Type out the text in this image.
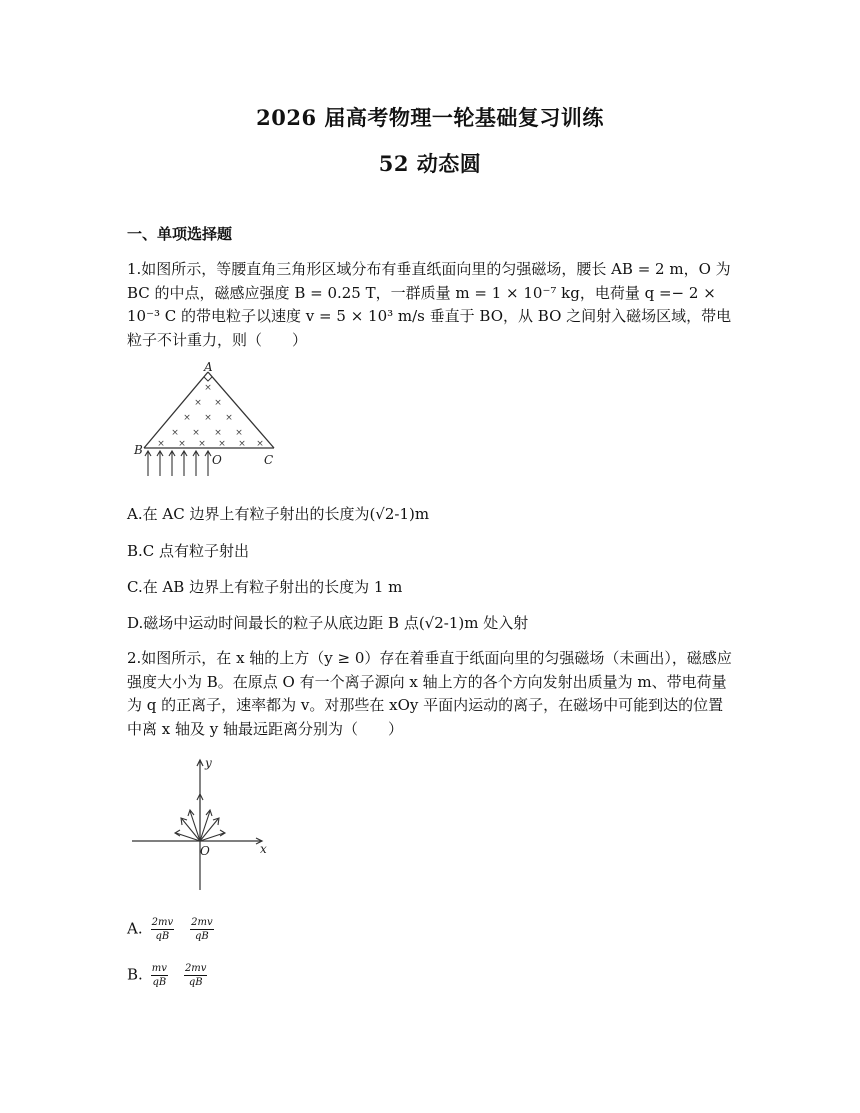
2026 届高考物理一轮基础复习训练
52 动态圆
一、单项选择题
1.如图所示，等腰直角三角形区域分布有垂直纸面向里的匀强磁场，腰长 AB = 2 m，O 为 BC 的中点，磁感应强度 B = 0.25 T，一群质量 m = 1 × 10⁻⁷ kg，电荷量 q =− 2 × 10⁻³ C 的带电粒子以速度 v = 5 × 10³ m/s 垂直于 BO，从 BO 之间射入磁场区域，带电粒子不计重力，则（　　）
×
× ×
× × ×
× × × ×
× × × × × ×
A
B
O	C
A.在 AC 边界上有粒子射出的长度为(√2-1)m
B.C 点有粒子射出
C.在 AB 边界上有粒子射出的长度为 1 m
D.磁场中运动时间最长的粒子从底边距 B 点(√2-1)m 处入射
2.如图所示，在 x 轴的上方（y ≥ 0）存在着垂直于纸面向里的匀强磁场（未画出），磁感应强度大小为 B。在原点 O 有一个离子源向 x 轴上方的各个方向发射出质量为 m、带电荷量为 q 的正离子，速率都为 v。对那些在 xOy 平面内运动的离子，在磁场中可能到达的位置中离 x 轴及 y 轴最远距离分别为（　　）
y
x
O
A. $\frac{2mv}{qB} \frac{2mv}{qB}$
B. $\frac{mv}{qB} \frac{2mv}{qB}$
